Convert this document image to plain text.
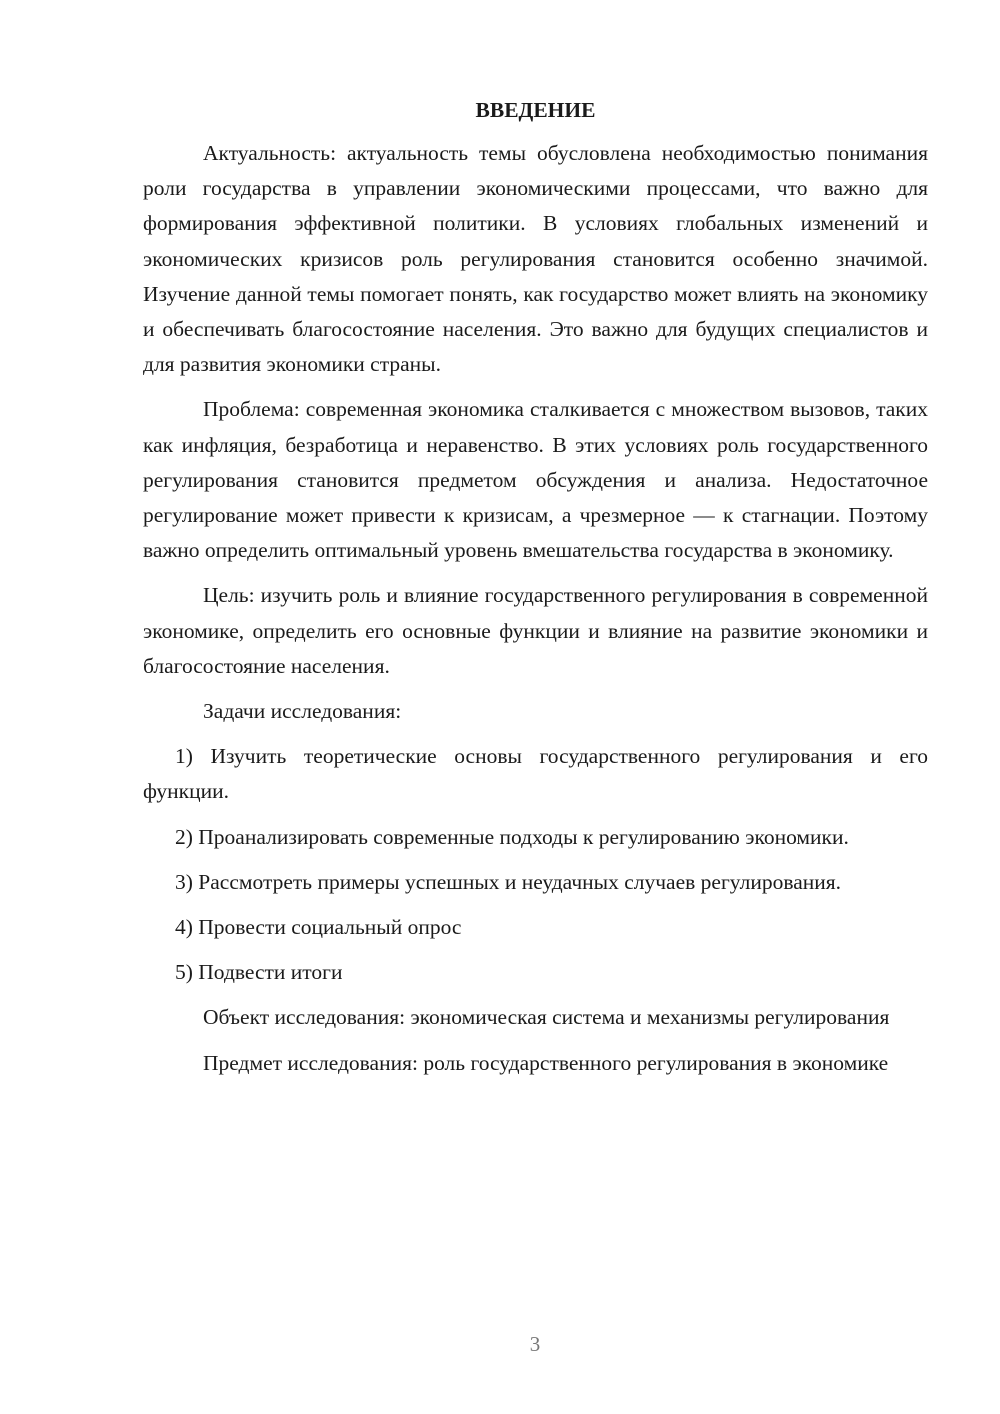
ВВЕДЕНИЕ

Актуальность: актуальность темы обусловлена необходимостью понимания роли государства в управлении экономическими процессами, что важно для формирования эффективной политики. В условиях глобальных изменений и экономических кризисов роль регулирования становится особенно значимой. Изучение данной темы помогает понять, как государство может влиять на экономику и обеспечивать благосостояние населения. Это важно для будущих специалистов и для развития экономики страны.

Проблема: современная экономика сталкивается с множеством вызовов, таких как инфляция, безработица и неравенство. В этих условиях роль государственного регулирования становится предметом обсуждения и анализа. Недостаточное регулирование может привести к кризисам, а чрезмерное — к стагнации. Поэтому важно определить оптимальный уровень вмешательства государства в экономику.

Цель: изучить роль и влияние государственного регулирования в современной экономике, определить его основные функции и влияние на развитие экономики и благосостояние населения.

Задачи исследования:

1) Изучить теоретические основы государственного регулирования и его функции.

2) Проанализировать современные подходы к регулированию экономики.

3) Рассмотреть примеры успешных и неудачных случаев регулирования.

4) Провести социальный опрос

5) Подвести итоги

Объект исследования: экономическая система и механизмы регулирования

Предмет исследования: роль государственного регулирования в экономике

3
